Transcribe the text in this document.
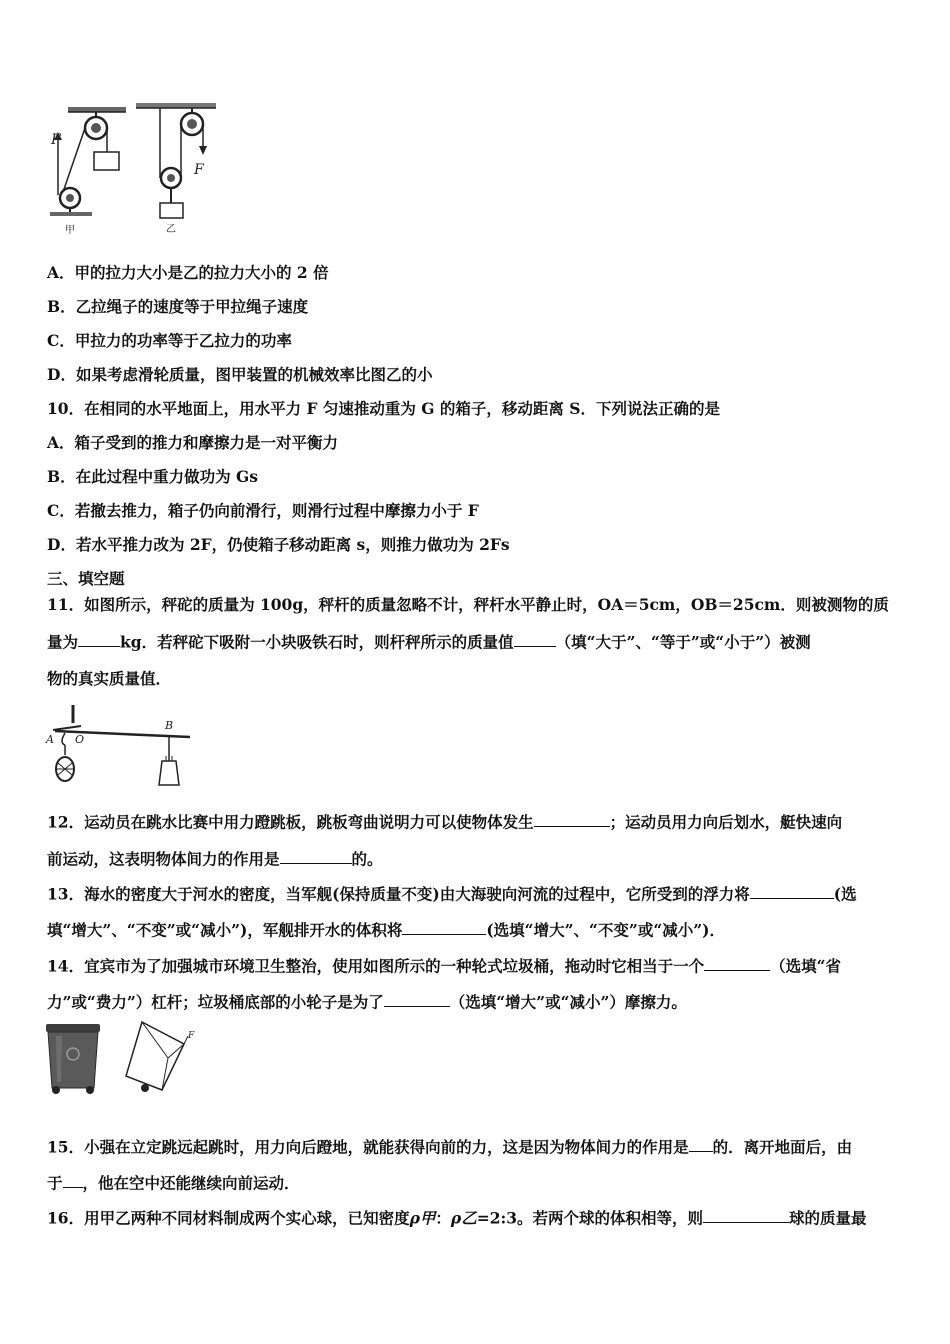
F
甲
F
乙
A．甲的拉力大小是乙的拉力大小的 2 倍
B．乙拉绳子的速度等于甲拉绳子速度
C．甲拉力的功率等于乙拉力的功率
D．如果考虑滑轮质量，图甲装置的机械效率比图乙的小
10．在相同的水平地面上，用水平力 F 匀速推动重为 G 的箱子，移动距离 S．下列说法正确的是
A．箱子受到的推力和摩擦力是一对平衡力
B．在此过程中重力做功为 Gs
C．若撤去推力，箱子仍向前滑行，则滑行过程中摩擦力小于 F
D．若水平推力改为 2F，仍使箱子移动距离 s，则推力做功为 2Fs
三、填空题
11．如图所示，秤砣的质量为 100g，秤杆的质量忽略不计，秤杆水平静止时，OA＝5cm，OB＝25cm．则被测物的质
量为	kg．若秤砣下吸附一小块吸铁石时，则杆秤所示的质量值	（填“大于”、“等于”或“小于”）被测
物的真实质量值．
A O
B
12．运动员在跳水比赛中用力蹬跳板，跳板弯曲说明力可以使物体发生	；运动员用力向后划水，艇快速向
前运动，这表明物体间力的作用是	的。
13．海水的密度大于河水的密度，当军舰(保持质量不变)由大海驶向河流的过程中，它所受到的浮力将	(选
填“增大”、“不变”或“减小”)，军舰排开水的体积将	(选填“增大”、“不变”或“减小”)．
14．宜宾市为了加强城市环境卫生整治，使用如图所示的一种轮式垃圾桶，拖动时它相当于一个	（选填“省
力”或“费力”）杠杆；垃圾桶底部的小轮子是为了	（选填“增大”或“减小”）摩擦力。
F
15．小强在立定跳远起跳时，用力向后蹬地，就能获得向前的力，这是因为物体间力的作用是 的．离开地面后，由
于 ，他在空中还能继续向前运动．
16．用甲乙两种不同材料制成两个实心球，已知密度ρ甲：ρ乙=2:3。若两个球的体积相等，则	球的质量最
